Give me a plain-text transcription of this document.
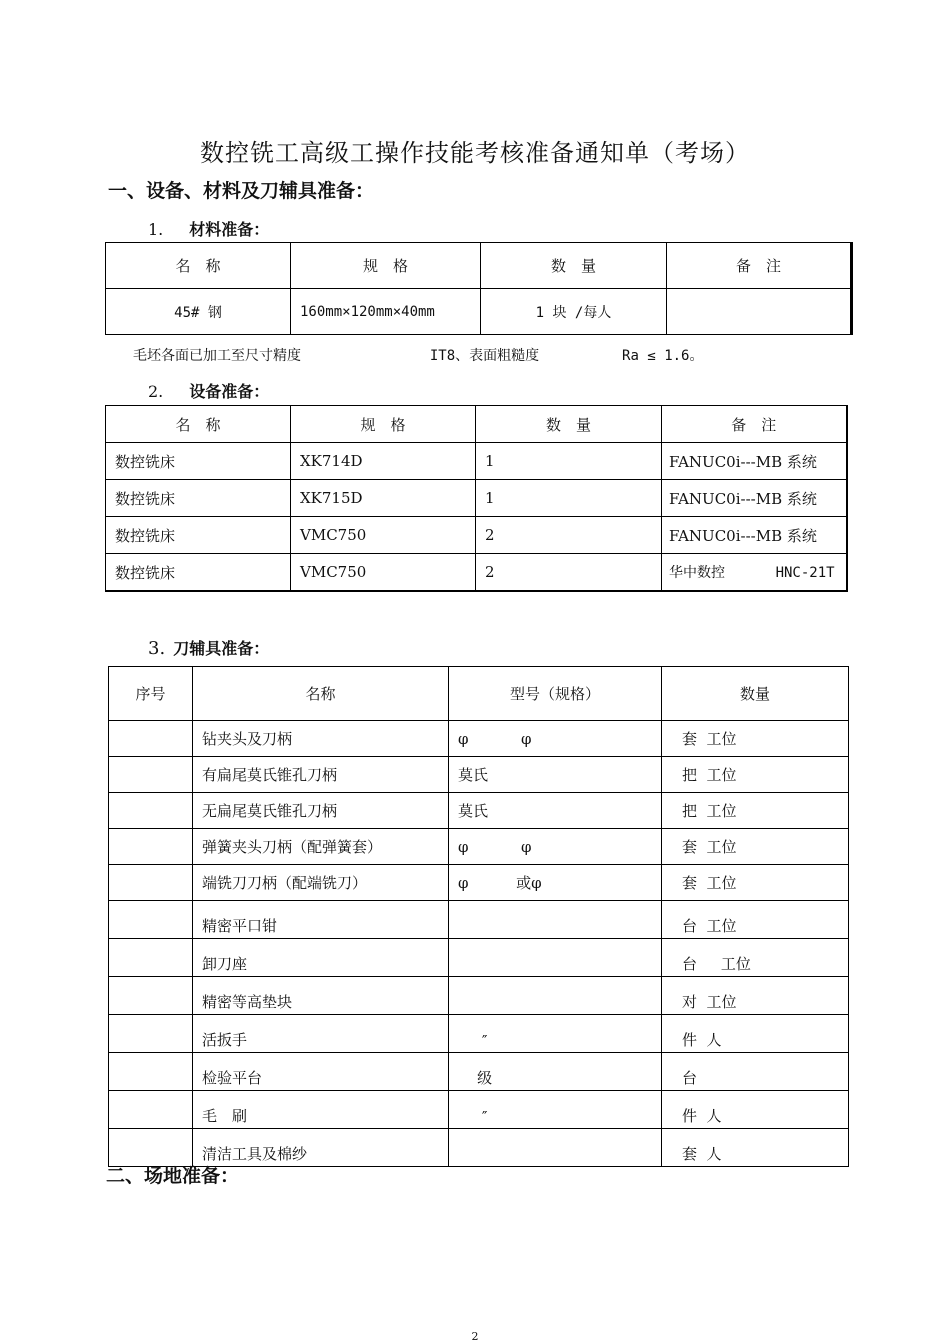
数控铣工高级工操作技能考核准备通知单（考场）
一、设备、材料及刀辅具准备：
1. 材料准备：
名　称	规　格	数　量	备　注
45# 钢	160mm×120mm×40mm	1 块 /每人	
毛坯各面已加工至尺寸精度	IT8、表面粗糙度	Ra ≤ 1.6。
2. 设备准备：
名　称	规　格	数　量	备　注
数控铣床	XK714D	1	FANUC0i---MB 系统
数控铣床	XK715D	1	FANUC0i---MB 系统
数控铣床	VMC750	2	FANUC0i---MB 系统
数控铣床	VMC750	2	华中数控      HNC-21T
3. 刀辅具准备：
序号	名称	型号（规格）	数量
	钻夹头及刀柄	φ           φ	套  工位
	有扁尾莫氏锥孔刀柄	莫氏	把  工位
	无扁尾莫氏锥孔刀柄	莫氏	把  工位
	弹簧夹头刀柄（配弹簧套）	φ           φ	套  工位
	端铣刀刀柄（配端铣刀）	φ          或φ	套  工位
	精密平口钳		台  工位
	卸刀座		台     工位
	精密等高垫块		对  工位
	活扳手	″	件  人
	检验平台	级	台
	毛　刷	″	件  人
	清洁工具及棉纱		套  人
二、场地准备：
2
